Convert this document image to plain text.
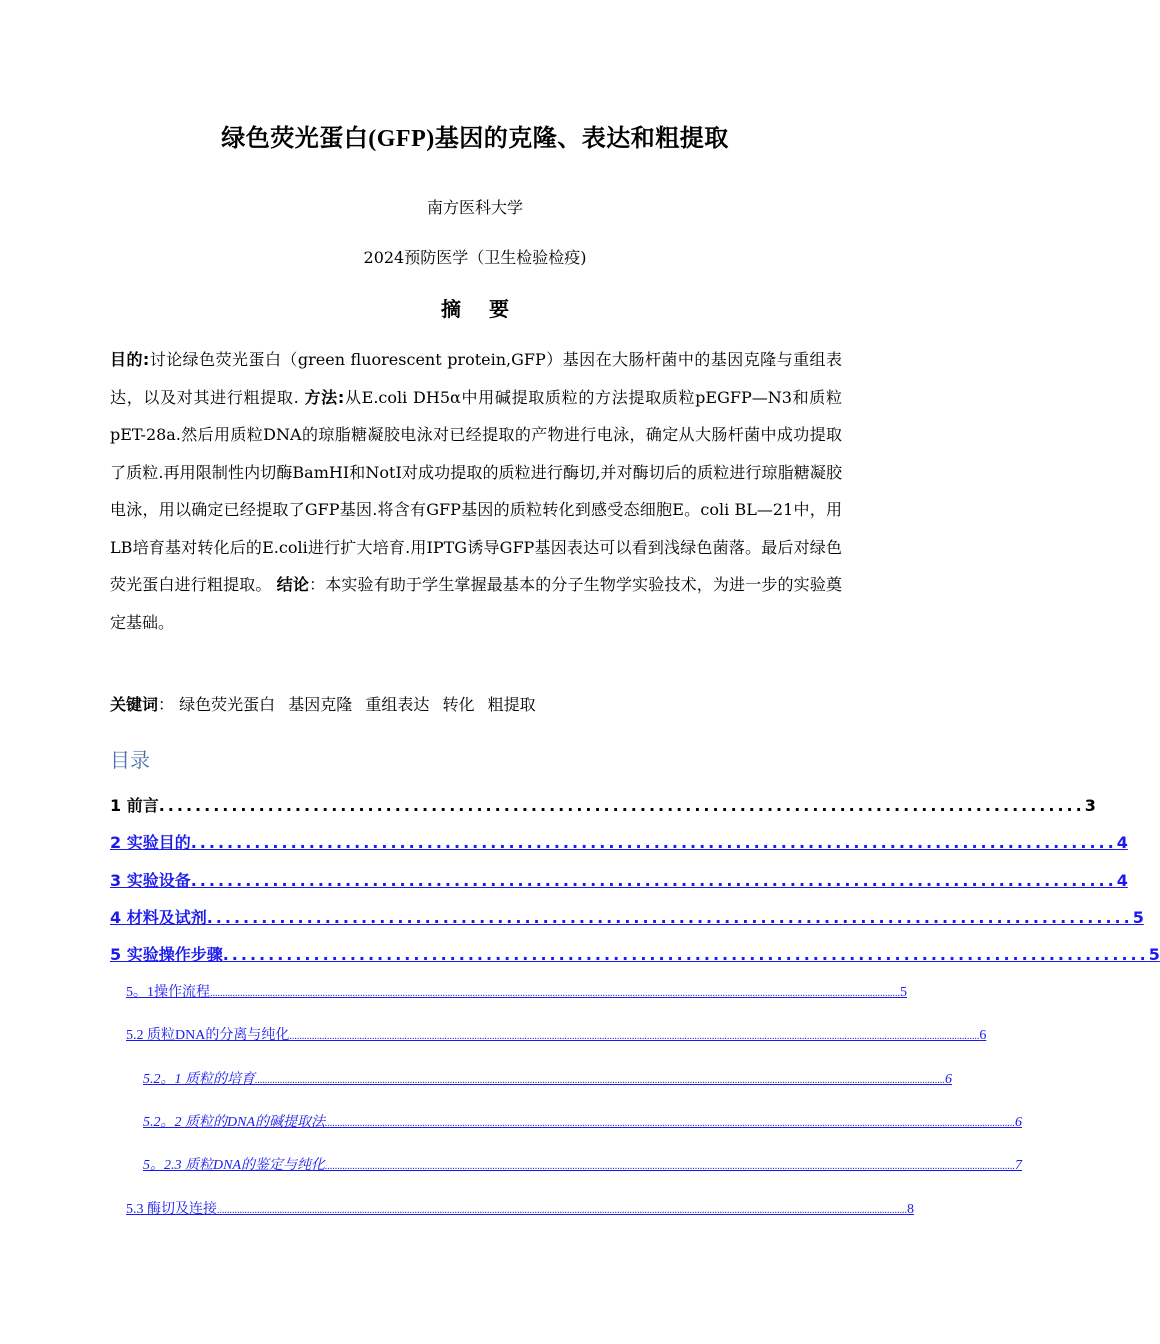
绿色荧光蛋白(GFP)基因的克隆、表达和粗提取
南方医科大学
2024预防医学（卫生检验检疫)
摘要
目的:讨论绿色荧光蛋白（green fluorescent protein,GFP）基因在大肠杆菌中的基因克隆与重组表达，以及对其进行粗提取. 方法:从E.coli DH5α中用碱提取质粒的方法提取质粒pEGFP—N3和质粒pET-28a.然后用质粒DNA的琼脂糖凝胶电泳对已经提取的产物进行电泳，确定从大肠杆菌中成功提取了质粒.再用限制性内切酶BamHI和NotI对成功提取的质粒进行酶切,并对酶切后的质粒进行琼脂糖凝胶电泳，用以确定已经提取了GFP基因.将含有GFP基因的质粒转化到感受态细胞E。coli BL—21中，用LB培育基对转化后的E.coli进行扩大培育.用IPTG诱导GFP基因表达可以看到浅绿色菌落。最后对绿色荧光蛋白进行粗提取。 结论：本实验有助于学生掌握最基本的分子生物学实验技术，为进一步的实验奠定基础。
关键词： 绿色荧光蛋白 基因克隆 重组表达 转化 粗提取
目录
1 前言 ...................................................................................................... 3
2 实验目的 ...................................................................................................... 4
3 实验设备 ...................................................................................................... 4
4 材料及试剂 ...................................................................................................... 5
5 实验操作步骤 ...................................................................................................... 5
5。1操作流程 .................................................................................................................................................................................................................................................................................... 5
5.2 质粒DNA的分离与纯化 .................................................................................................................................................................................................................................................................................... 6
5.2。1 质粒的培育 .................................................................................................................................................................................................................................................................................... 6
5.2。2 质粒的DNA的碱提取法 .................................................................................................................................................................................................................................................................................... 6
5。2.3 质粒DNA的鉴定与纯化 .................................................................................................................................................................................................................................................................................... 7
5.3 酶切及连接 .................................................................................................................................................................................................................................................................................... 8
